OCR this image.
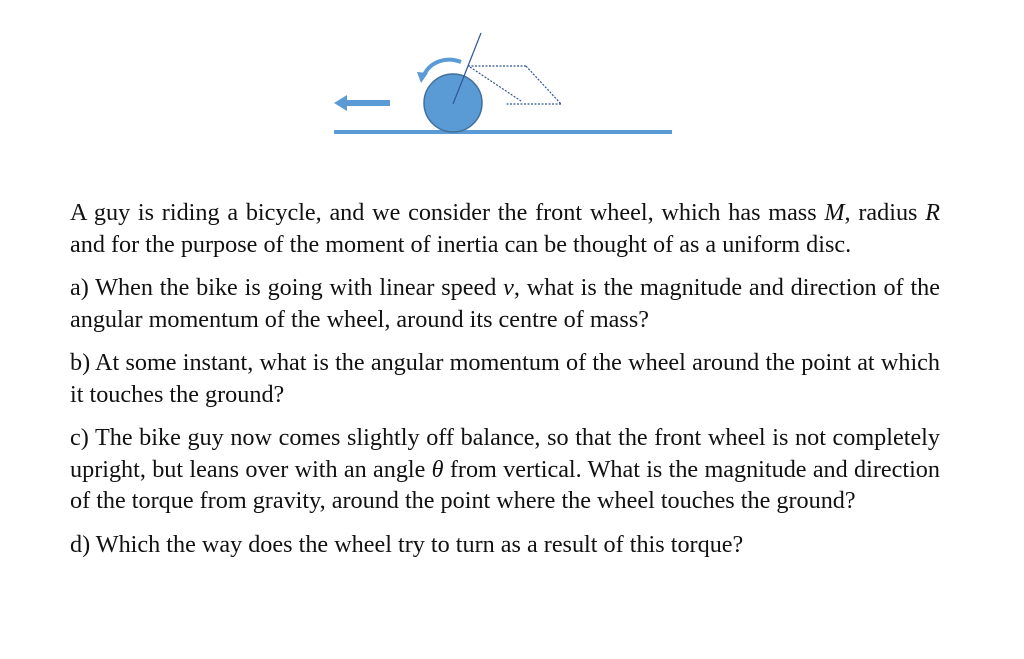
A guy is riding a bicycle, and we consider the front wheel, which has mass M, radius R and for the purpose of the moment of inertia can be thought of as a uniform disc.

a) When the bike is going with linear speed v, what is the magnitude and direction of the angular momentum of the wheel, around its centre of mass?

b) At some instant, what is the angular momentum of the wheel around the point at which it touches the ground?

c) The bike guy now comes slightly off balance, so that the front wheel is not completely upright, but leans over with an angle θ from vertical. What is the magnitude and direction of the torque from gravity, around the point where the wheel touches the ground?

d) Which the way does the wheel try to turn as a result of this torque?
